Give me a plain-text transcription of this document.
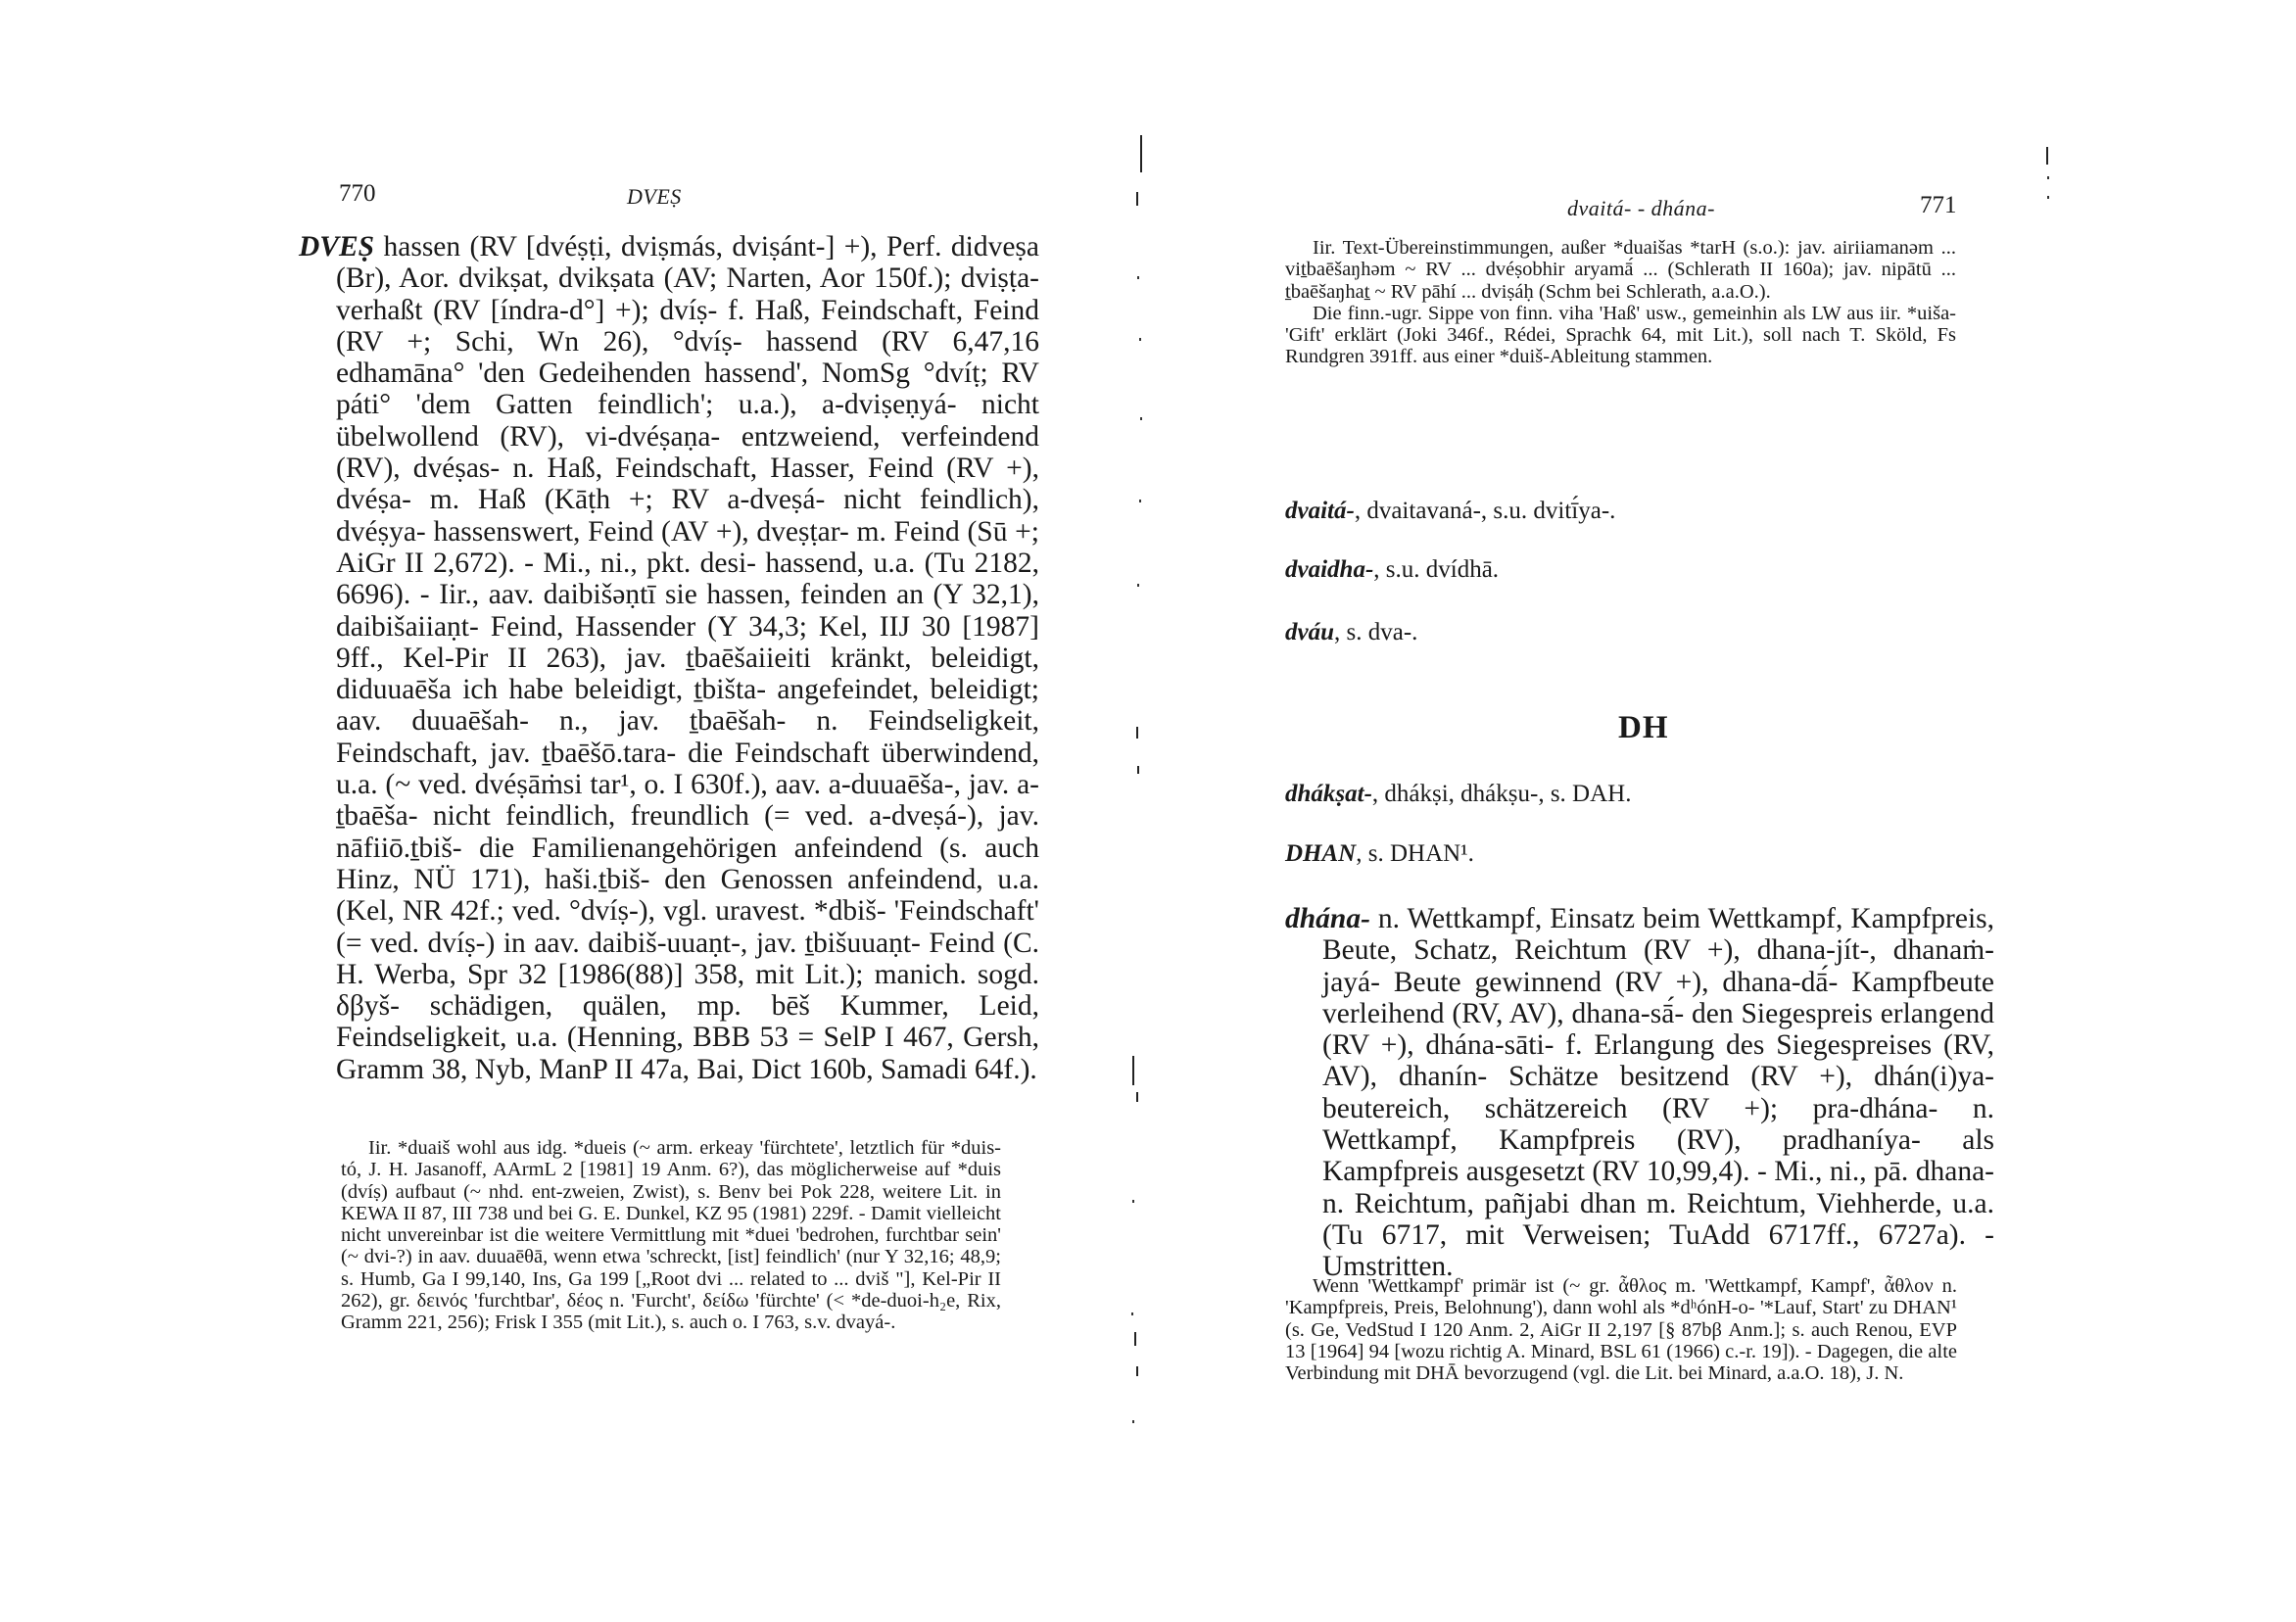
770	DVEṢ
DVEṢ hassen (RV [dvéṣṭi, dviṣmás, dviṣánt-] +), Perf. didveṣa (Br), Aor. dvikṣat, dvikṣata (AV; Narten, Aor 150f.); dviṣṭa- verhaßt (RV [índra-d°] +); dvíṣ- f. Haß, Feindschaft, Feind (RV +; Schi, Wn 26), °dvíṣ- hassend (RV 6,47,16 edhamāna° 'den Gedeihenden hassend', NomSg °dvíṭ; RV páti° 'dem Gatten feindlich'; u.a.), a-dviṣeṇyá- nicht übelwollend (RV), vi-dvéṣaṇa- entzweiend, verfeindend (RV), dvéṣas- n. Haß, Feindschaft, Hasser, Feind (RV +), dvéṣa- m. Haß (Kāṭh +; RV a-dveṣá- nicht feindlich), dvéṣya- hassenswert, Feind (AV +), dveṣṭar- m. Feind (Sū +; AiGr II 2,672). - Mi., ni., pkt. desi- hassend, u.a. (Tu 2182, 6696). - Iir., aav. daibišəṇtī sie hassen, feinden an (Y 32,1), daibišaiiaṇt- Feind, Hassender (Y 34,3; Kel, IIJ 30 [1987] 9ff., Kel-Pir II 263), jav. ṯbaēšaiieiti kränkt, beleidigt, diduuaēša ich habe beleidigt, ṯbišta- angefeindet, beleidigt; aav. duuaēšah- n., jav. ṯbaēšah- n. Feindseligkeit, Feindschaft, jav. ṯbaēšō.tara- die Feindschaft überwindend, u.a. (~ ved. dvéṣāṁsi tar¹, o. I 630f.), aav. a-duuaēša-, jav. a-ṯbaēša- nicht feindlich, freundlich (= ved. a-dveṣá-), jav. nāfiiō.ṯbiš- die Familienangehörigen anfeindend (s. auch Hinz, NÜ 171), haši.ṯbiš- den Genossen anfeindend, u.a. (Kel, NR 42f.; ved. °dvíṣ-), vgl. uravest. *dbiš- 'Feindschaft' (= ved. dvíṣ-) in aav. daibiš-uuaṇt-, jav. ṯbišuuaṇt- Feind (C. H. Werba, Spr 32 [1986(88)] 358, mit Lit.); manich. sogd. δβyš- schädigen, quälen, mp. bēš Kummer, Leid, Feindseligkeit, u.a. (Henning, BBB 53 = SelP I 467, Gersh, Gramm 38, Nyb, ManP II 47a, Bai, Dict 160b, Samadi 64f.).

Iir. *duaiš wohl aus idg. *dueis (~ arm. erkeay 'fürchtete', letztlich für *duis-tó, J. H. Jasanoff, AArmL 2 [1981] 19 Anm. 6?), das möglicherweise auf *duis (dvíṣ) aufbaut (~ nhd. ent-zweien, Zwist), s. Benv bei Pok 228, weitere Lit. in KEWA II 87, III 738 und bei G. E. Dunkel, KZ 95 (1981) 229f. - Damit vielleicht nicht unvereinbar ist die weitere Vermittlung mit *duei 'bedrohen, furchtbar sein' (~ dvi-?) in aav. duuaēθā, wenn etwa 'schreckt, [ist] feindlich' (nur Y 32,16; 48,9; s. Humb, Ga I 99,140, Ins, Ga 199 [„Root dvi ... related to ... dviš "], Kel-Pir II 262), gr. δεινός 'furchtbar', δέος n. 'Furcht', δείδω 'fürchte' (< *de-duoi-h₂e, Rix, Gramm 221, 256); Frisk I 355 (mit Lit.), s. auch o. I 763, s.v. dvayá-.

dvaitá- - dhána-	771

Iir. Text-Übereinstimmungen, außer *duaišas *tarH (s.o.): jav. airiiamanəm ... viṯbaēšaŋhəm ~ RV ... dvéṣobhir aryamā́ ... (Schlerath II 160a); jav. nipātū ... ṯbaēšaŋhaṯ ~ RV pāhí ... dviṣáḥ (Schm bei Schlerath, a.a.O.).

Die finn.-ugr. Sippe von finn. viha 'Haß' usw., gemeinhin als LW aus iir. *uiša- 'Gift' erklärt (Joki 346f., Rédei, Sprachk 64, mit Lit.), soll nach T. Sköld, Fs Rundgren 391ff. aus einer *duiš-Ableitung stammen.

dvaitá-, dvaitavaná-, s.u. dvitī́ya-.
dvaidha-, s.u. dvídhā.
dváu, s. dva-.
DH
dhákṣat-, dhákṣi, dhákṣu-, s. DAH.
DHAN, s. DHAN¹.
dhána- n. Wettkampf, Einsatz beim Wettkampf, Kampfpreis, Beute, Schatz, Reichtum (RV +), dhana-jít-, dhanaṁ-jayá- Beute gewinnend (RV +), dhana-dā́- Kampfbeute verleihend (RV, AV), dhana-sā́- den Siegespreis erlangend (RV +), dhána-sāti- f. Erlangung des Siegespreises (RV, AV), dhanín- Schätze besitzend (RV +), dhán(i)ya- beutereich, schätzereich (RV +); pra-dhána- n. Wettkampf, Kampfpreis (RV), pradhaníya- als Kampfpreis ausgesetzt (RV 10,99,4). - Mi., ni., pā. dhana- n. Reichtum, pañjabi dhan m. Reichtum, Viehherde, u.a. (Tu 6717, mit Verweisen; TuAdd 6717ff., 6727a). - Umstritten.

Wenn 'Wettkampf' primär ist (~ gr. ἆθλος m. 'Wettkampf, Kampf', ἆθλον n. 'Kampfpreis, Preis, Belohnung'), dann wohl als *dʰónH-o- '*Lauf, Start' zu DHAN¹ (s. Ge, VedStud I 120 Anm. 2, AiGr II 2,197 [§ 87bβ Anm.]; s. auch Renou, EVP 13 [1964] 94 [wozu richtig A. Minard, BSL 61 (1966) c.-r. 19]). - Dagegen, die alte Verbindung mit DHĀ bevorzugend (vgl. die Lit. bei Minard, a.a.O. 18), J. N.
